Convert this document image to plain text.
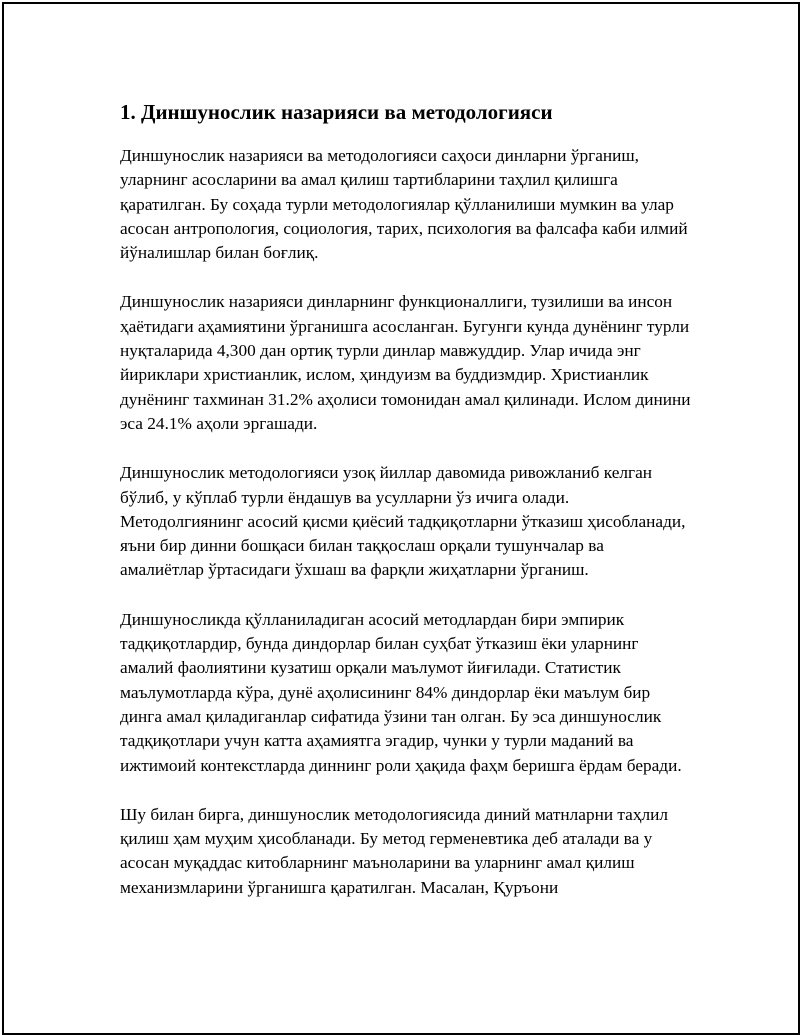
1. Диншунослик назарияси ва методологияси

Диншунослик назарияси ва методологияси саҳоси динларни ўрганиш, уларнинг асосларини ва амал қилиш тартибларини таҳлил қилишга қаратилган. Бу соҳада турли методологиялар қўлланилиши мумкин ва улар асосан антропология, социология, тарих, психология ва фалсафа каби илмий йўналишлар билан боғлиқ.

Диншунослик назарияси динларнинг функционаллиги, тузилиши ва инсон ҳаётидаги аҳамиятини ўрганишга асосланган. Бугунги кунда дунёнинг турли нуқталарида 4,300 дан ортиқ турли динлар мавжуддир. Улар ичида энг йириклари христианлик, ислом, ҳиндуизм ва буддизмдир. Христианлик дунёнинг тахминан 31.2% аҳолиси томонидан амал қилинади. Ислом динини эса 24.1% аҳоли эргашади.

Диншунослик методологияси узоқ йиллар давомида ривожланиб келган бўлиб, у кўплаб турли ёндашув ва усулларни ўз ичига олади. Методолгиянинг асосий қисми қиёсий тадқиқотларни ўтказиш ҳисобланади, яъни бир динни бошқаси билан таққослаш орқали тушунчалар ва амалиётлар ўртасидаги ўхшаш ва фарқли жиҳатларни ўрганиш.

Диншуносликда қўлланиладиган асосий методлардан бири эмпирик тадқиқотлардир, бунда диндорлар билан суҳбат ўтказиш ёки уларнинг амалий фаолиятини кузатиш орқали маълумот йиғилади. Статистик маълумотларда кўра, дунё аҳолисининг 84% диндорлар ёки маълум бир динга амал қиладиганлар сифатида ўзини тан олган. Бу эса диншунослик тадқиқотлари учун катта аҳамиятга эгадир, чунки у турли маданий ва ижтимоий контекстларда диннинг роли ҳақида фаҳм беришга ёрдам беради.

Шу билан бирга, диншунослик методологиясида диний матнларни таҳлил қилиш ҳам муҳим ҳисобланади. Бу метод герменевтика деб аталади ва у асосан муқаддас китобларнинг маъноларини ва уларнинг амал қилиш механизмларини ўрганишга қаратилган. Масалан, Қуръони
